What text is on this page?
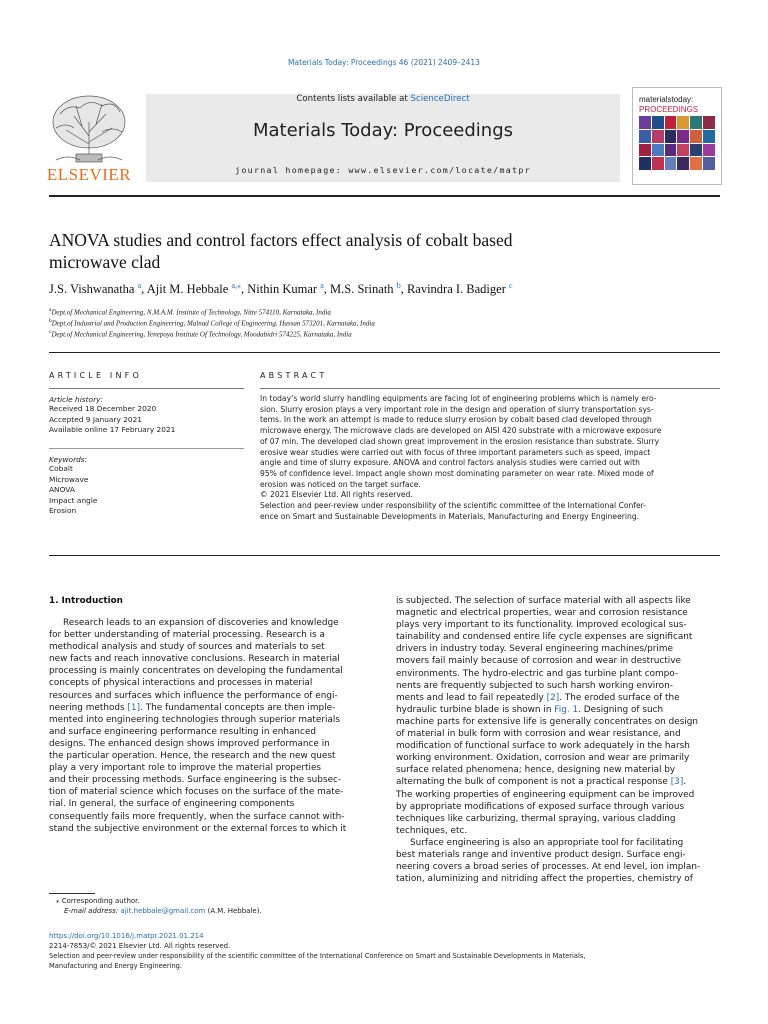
Materials Today: Proceedings 46 (2021) 2409–2413
ELSEVIER
Contents lists available at ScienceDirect
Materials Today: Proceedings
journal homepage: www.elsevier.com/locate/matpr
materialstoday:
PROCEEDINGS
ANOVA studies and control factors effect analysis of cobalt based
microwave clad
J.S. Vishwanatha $^a$, Ajit M. Hebbale $^{a,⁎}$, Nithin Kumar $^a$, M.S. Srinath $^b$, Ravindra I. Badiger $^c$
$^a$Dept.of Mechanical Engineering, N.M.A.M. Institute of Technology, Nitte 574110, Karnataka, India
$^b$Dept.of Industrial and Production Engineering, Malnad College of Engineering, Hassan 573201, Karnataka, India
$^c$Dept.of Mechanical Engineering, Yenepoya Institute Of Technology, Moodabidri 574225, Karnataka, India
ARTICLE INFO
Article history:
Received 18 December 2020
Accepted 9 January 2021
Available online 17 February 2021
Keywords:
Cobalt
Microwave
ANOVA
Impact angle
Erosion
ABSTRACT

In today’s world slurry handling equipments are facing lot of engineering problems which is namely ero-

sion. Slurry erosion plays a very important role in the design and operation of slurry transportation sys-

tems. In the work an attempt is made to reduce slurry erosion by cobalt based clad developed through

microwave energy. The microwave clads are developed on AISI 420 substrate with a microwave exposure

of 07 min. The developed clad shown great improvement in the erosion resistance than substrate. Slurry

erosive wear studies were carried out with focus of three important parameters such as speed, impact

angle and time of slurry exposure. ANOVA and control factors analysis studies were carried out with

95% of confidence level. Impact angle shown most dominating parameter on wear rate. Mixed mode of

erosion was noticed on the target surface.

© 2021 Elsevier Ltd. All rights reserved.

Selection and peer-review under responsibility of the scientific committee of the International Confer-

ence on Smart and Sustainable Developments in Materials, Manufacturing and Energy Engineering.

1. Introduction

Research leads to an expansion of discoveries and knowledge

for better understanding of material processing. Research is a

methodical analysis and study of sources and materials to set

new facts and reach innovative conclusions. Research in material

processing is mainly concentrates on developing the fundamental

concepts of physical interactions and processes in material

resources and surfaces which influence the performance of engi-

neering methods [1]. The fundamental concepts are then imple-

mented into engineering technologies through superior materials

and surface engineering performance resulting in enhanced

designs. The enhanced design shows improved performance in

the particular operation. Hence, the research and the new quest

play a very important role to improve the material properties

and their processing methods. Surface engineering is the subsec-

tion of material science which focuses on the surface of the mate-

rial. In general, the surface of engineering components

consequently fails more frequently, when the surface cannot with-

stand the subjective environment or the external forces to which it

⁎ Corresponding author.
E-mail address: ajit.hebbale@gmail.com (A.M. Hebbale).

is subjected. The selection of surface material with all aspects like

magnetic and electrical properties, wear and corrosion resistance

plays very important to its functionality. Improved ecological sus-

tainability and condensed entire life cycle expenses are significant

drivers in industry today. Several engineering machines/prime

movers fail mainly because of corrosion and wear in destructive

environments. The hydro-electric and gas turbine plant compo-

nents are frequently subjected to such harsh working environ-

ments and lead to fail repeatedly [2]. The eroded surface of the

hydraulic turbine blade is shown in Fig. 1. Designing of such

machine parts for extensive life is generally concentrates on design

of material in bulk form with corrosion and wear resistance, and

modification of functional surface to work adequately in the harsh

working environment. Oxidation, corrosion and wear are primarily

surface related phenomena; hence, designing new material by

alternating the bulk of component is not a practical response [3].

The working properties of engineering equipment can be improved

by appropriate modifications of exposed surface through various

techniques like carburizing, thermal spraying, various cladding

techniques, etc.

Surface engineering is also an appropriate tool for facilitating

best materials range and inventive product design. Surface engi-

neering covers a broad series of processes. At end level, ion implan-

tation, aluminizing and nitriding affect the properties, chemistry of

https://doi.org/10.1016/j.matpr.2021.01.214
2214-7853/© 2021 Elsevier Ltd. All rights reserved.
Selection and peer-review under responsibility of the scientific committee of the International Conference on Smart and Sustainable Developments in Materials,
Manufacturing and Energy Engineering.
